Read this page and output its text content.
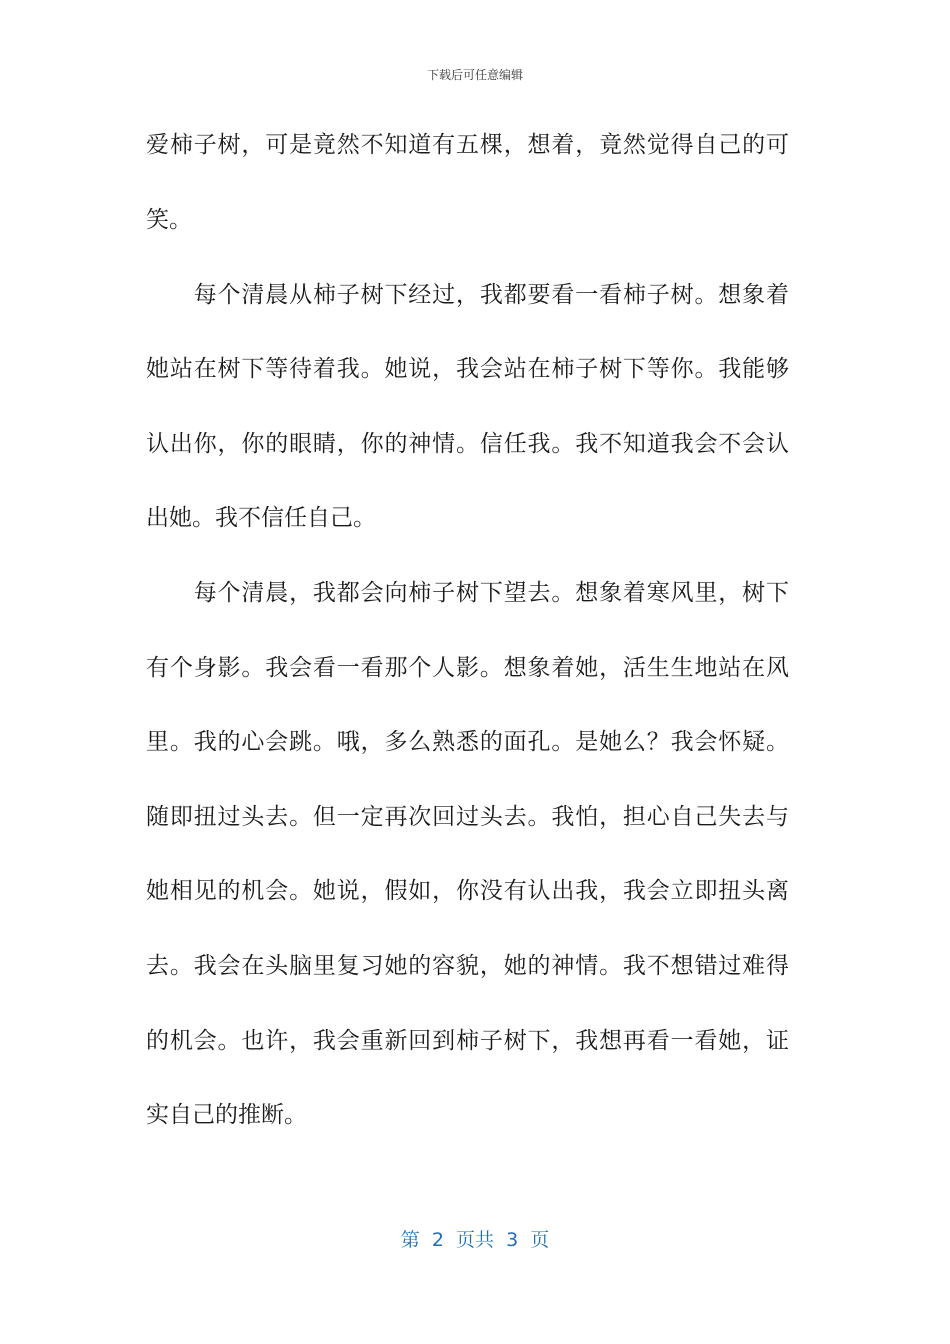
下载后可任意编辑
爱柿子树，可是竟然不知道有五棵，想着，竟然觉得自己的可
笑。
　　每个清晨从柿子树下经过，我都要看一看柿子树。想象着
她站在树下等待着我。她说，我会站在柿子树下等你。我能够
认出你，你的眼睛，你的神情。信任我。我不知道我会不会认
出她。我不信任自己。
　　每个清晨，我都会向柿子树下望去。想象着寒风里，树下
有个身影。我会看一看那个人影。想象着她，活生生地站在风
里。我的心会跳。哦，多么熟悉的面孔。是她么？我会怀疑。
随即扭过头去。但一定再次回过头去。我怕，担心自己失去与
她相见的机会。她说，假如，你没有认出我，我会立即扭头离
去。我会在头脑里复习她的容貌，她的神情。我不想错过难得
的机会。也许，我会重新回到柿子树下，我想再看一看她，证
实自己的推断。
第  2  页共  3  页
